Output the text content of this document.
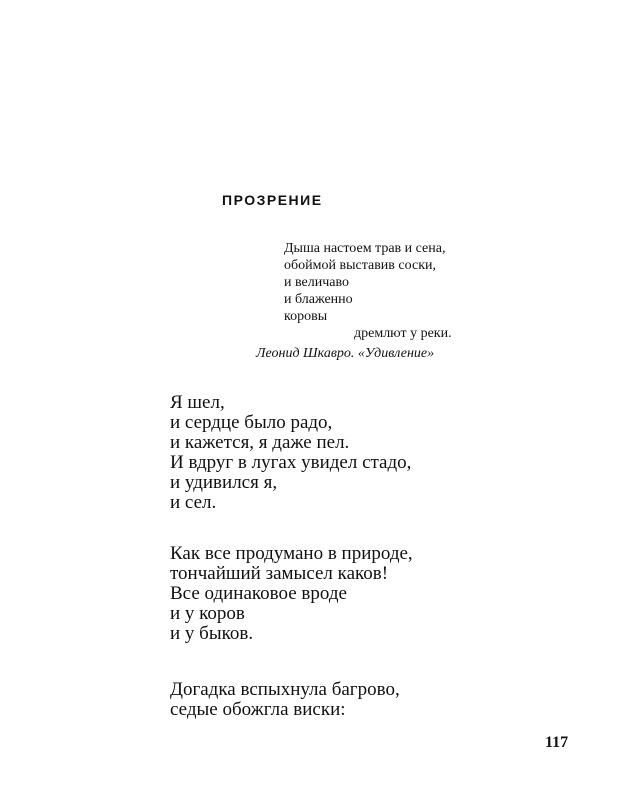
ПРОЗРЕНИЕ
Дыша настоем трав и сена,
обоймой выставив соски,
и величаво
и блаженно
коровы
дремлют у реки.
Леонид Шкавро. «Удивление»
Я шел,
и сердце было радо,
и кажется, я даже пел.
И вдруг в лугах увидел стадо,
и удивился я,
и сел.
Как все продумано в природе,
тончайший замысел каков!
Все одинаковое вроде
и у коров
и у быков.
Догадка вспыхнула багрово,
седые обожгла виски:
117
